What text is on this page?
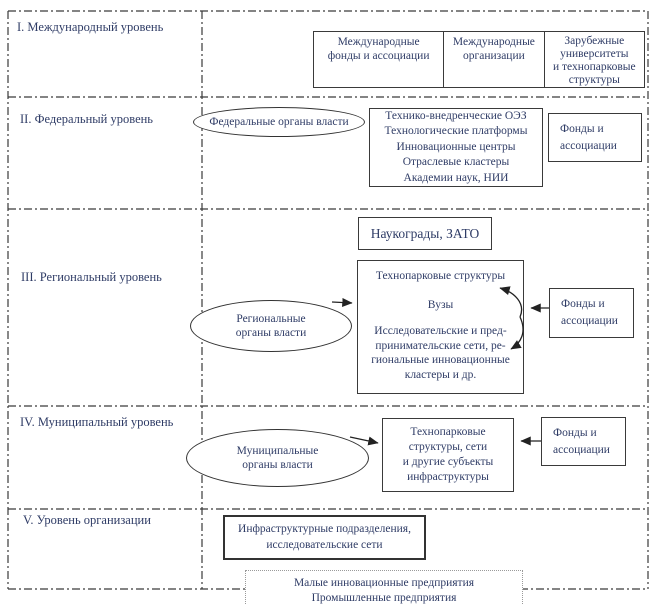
I. Международный уровень
II. Федеральный уровень
III. Региональный уровень
IV. Муниципальный уровень
V. Уровень организации
Международные
фонды и ассоциации
Международные
организации
Зарубежные
университеты
и технопарковые
структуры
Федеральные органы власти
Технико-внедренческие ОЭЗ
Технологические платформы
Инновационные центры
Отраслевые кластеры
Академии наук, НИИ
Фонды и
ассоциации
Наукограды, ЗАТО
Региональные
органы власти
Технопарковые структуры
Вузы
Исследовательские и пред-
принимательские сети, ре-
гиональные инновационные
кластеры и др.
Фонды и
ассоциации
Муниципальные
органы власти
Технопарковые
структуры, сети
и другие субъекты
инфраструктуры
Фонды и
ассоциации
Инфраструктурные подразделения,
исследовательские сети
Малые инновационные предприятия
Промышленные предприятия
